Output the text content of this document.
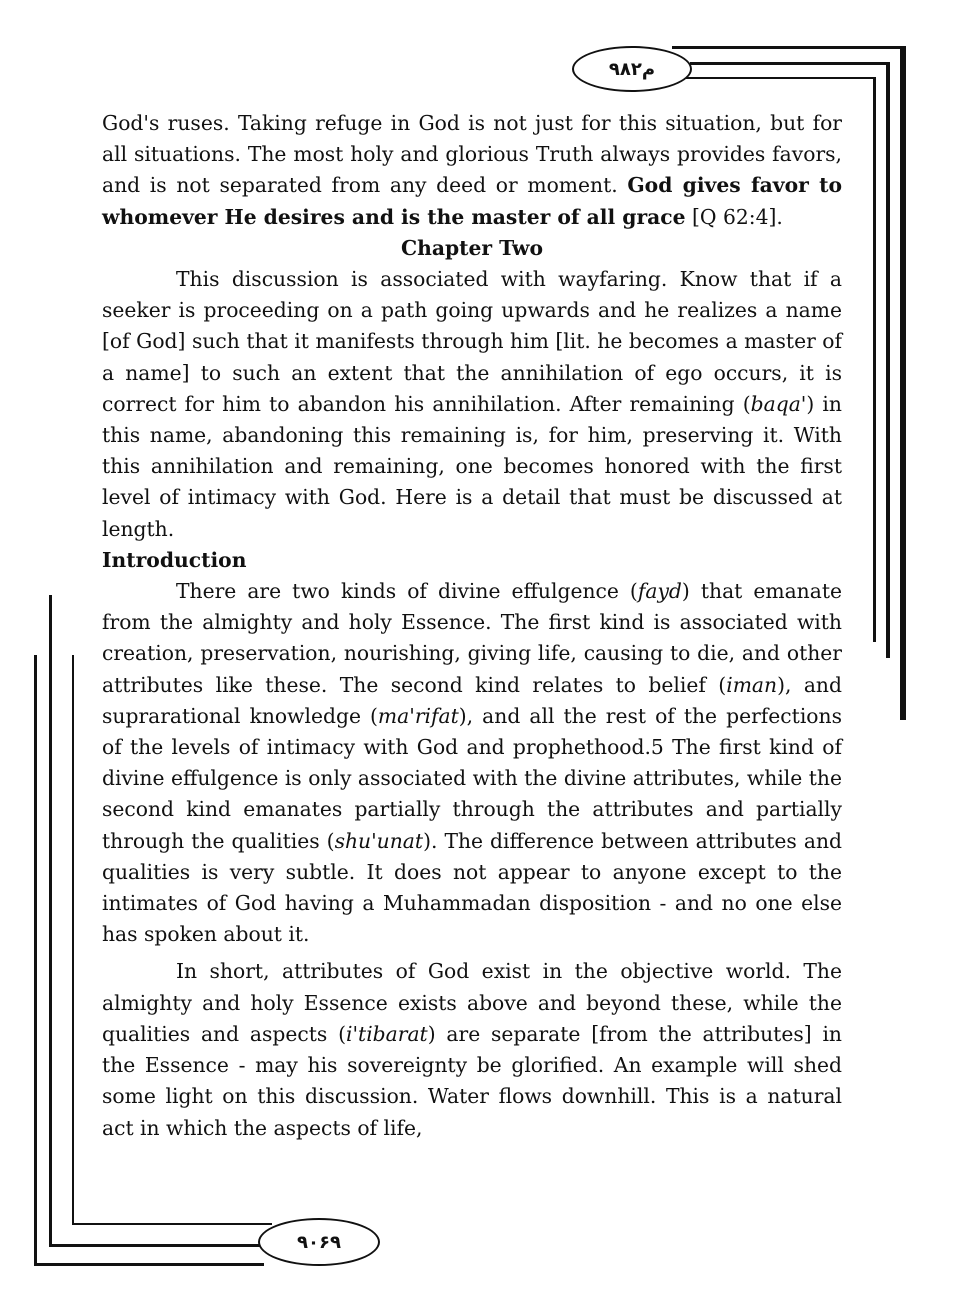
۹۸۲م
۹۰۶۹

God's ruses. Taking refuge in God is not just for this situation, but for all situations. The most holy and glorious Truth always provides favors, and is not separated from any deed or moment. God gives favor to whomever He desires and is the master of all grace [Q 62:4].

Chapter Two

This discussion is associated with wayfaring. Know that if a seeker is proceeding on a path going upwards and he realizes a name [of God] such that it manifests through him [lit. he becomes a master of a name] to such an extent that the annihilation of ego occurs, it is correct for him to abandon his annihilation. After remaining (baqa') in this name, abandoning this remaining is, for him, preserving it. With this annihilation and remaining, one becomes honored with the first level of intimacy with God. Here is a detail that must be discussed at length.

Introduction

There are two kinds of divine effulgence (fayd) that emanate from the almighty and holy Essence. The first kind is associated with creation, preservation, nourishing, giving life, causing to die, and other attributes like these. The second kind relates to belief (iman), and suprarational knowledge (ma'rifat), and all the rest of the perfections of the levels of intimacy with God and prophethood.5 The first kind of divine effulgence is only associated with the divine attributes, while the second kind emanates partially through the attributes and partially through the qualities (shu'unat). The difference between attributes and qualities is very subtle. It does not appear to anyone except to the intimates of God having a Muhammadan disposition - and no one else has spoken about it.

In short, attributes of God exist in the objective world. The almighty and holy Essence exists above and beyond these, while the qualities and aspects (i'tibarat) are separate [from the attributes] in the Essence - may his sovereignty be glorified. An example will shed some light on this discussion. Water flows downhill. This is a natural act in which the aspects of life,
